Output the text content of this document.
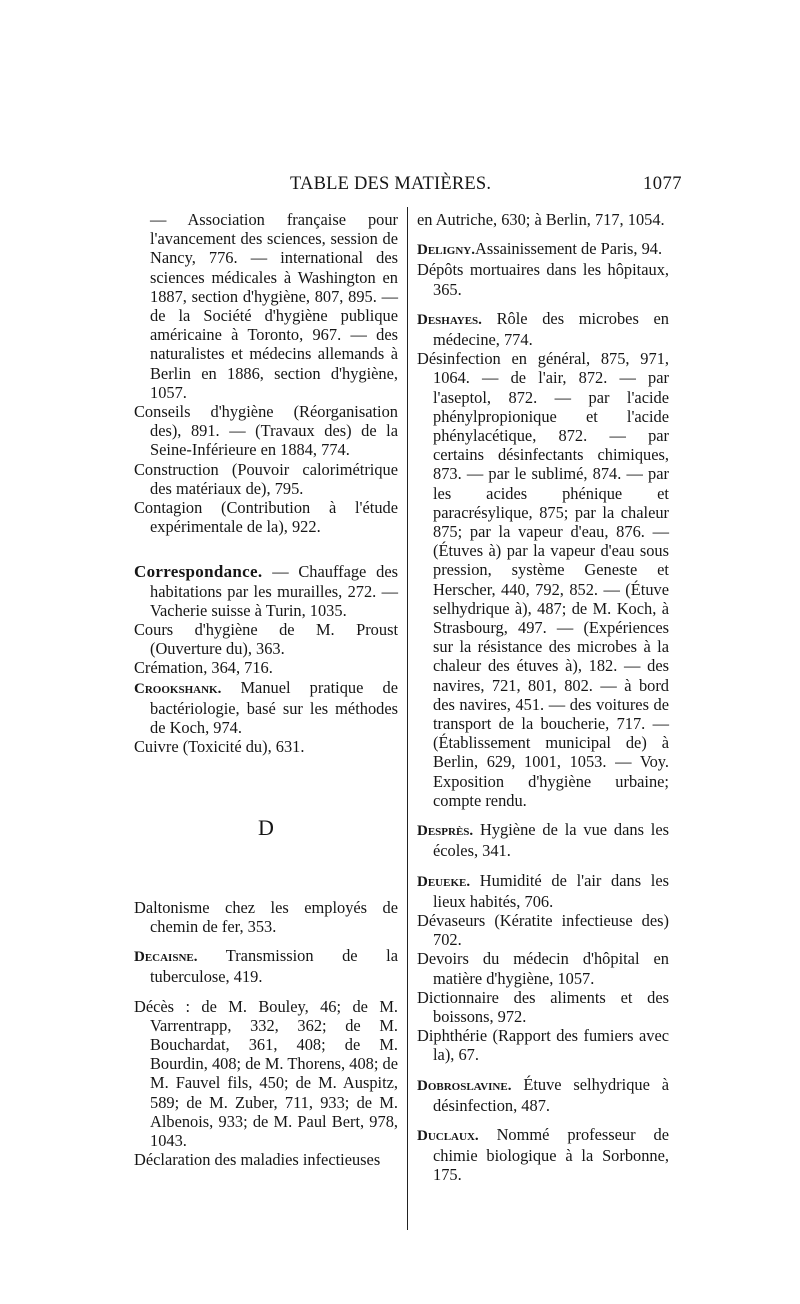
TABLE DES MATIÈRES.	1077

— Association française pour l'avancement des sciences, session de Nancy, 776. — international des sciences médicales à Washington en 1887, section d'hygiène, 807, 895. — de la Société d'hygiène publique américaine à Toronto, 967. — des naturalistes et médecins allemands à Berlin en 1886, section d'hygiène, 1057.

Conseils d'hygiène (Réorganisation des), 891. — (Travaux des) de la Seine-Inférieure en 1884, 774.

Construction (Pouvoir calorimétrique des matériaux de), 795.

Contagion (Contribution à l'étude expérimentale de la), 922.

Correspondance. — Chauffage des habitations par les murailles, 272. — Vacherie suisse à Turin, 1035.

Cours d'hygiène de M. Proust (Ouverture du), 363.

Crémation, 364, 716.

Crookshank. Manuel pratique de bactériologie, basé sur les méthodes de Koch, 974.

Cuivre (Toxicité du), 631.

D

Daltonisme chez les employés de chemin de fer, 353.

Decaisne. Transmission de la tuberculose, 419.

Décès : de M. Bouley, 46; de M. Varrentrapp, 332, 362; de M. Bouchardat, 361, 408; de M. Bourdin, 408; de M. Thorens, 408; de M. Fauvel fils, 450; de M. Auspitz, 589; de M. Zuber, 711, 933; de M. Albenois, 933; de M. Paul Bert, 978, 1043.

Déclaration des maladies infectieuses

en Autriche, 630; à Berlin, 717, 1054.

Deligny.Assainissement de Paris, 94.

Dépôts mortuaires dans les hôpitaux, 365.

Deshayes. Rôle des microbes en médecine, 774.

Désinfection en général, 875, 971, 1064. — de l'air, 872. — par l'aseptol, 872. — par l'acide phénylpropionique et l'acide phénylacétique, 872. — par certains désinfectants chimiques, 873. — par le sublimé, 874. — par les acides phénique et paracrésylique, 875; par la chaleur 875; par la vapeur d'eau, 876. — (Étuves à) par la vapeur d'eau sous pression, système Geneste et Herscher, 440, 792, 852. — (Étuve selhydrique à), 487; de M. Koch, à Strasbourg, 497. — (Expériences sur la résistance des microbes à la chaleur des étuves à), 182. — des navires, 721, 801, 802. — à bord des navires, 451. — des voitures de transport de la boucherie, 717. — (Établissement municipal de) à Berlin, 629, 1001, 1053. — Voy. Exposition d'hygiène urbaine; compte rendu.

Desprès. Hygiène de la vue dans les écoles, 341.

Deueke. Humidité de l'air dans les lieux habités, 706.

Dévaseurs (Kératite infectieuse des) 702.

Devoirs du médecin d'hôpital en matière d'hygiène, 1057.

Dictionnaire des aliments et des boissons, 972.

Diphthérie (Rapport des fumiers avec la), 67.

Dobroslavine. Étuve selhydrique à désinfection, 487.

Duclaux. Nommé professeur de chimie biologique à la Sorbonne, 175.
